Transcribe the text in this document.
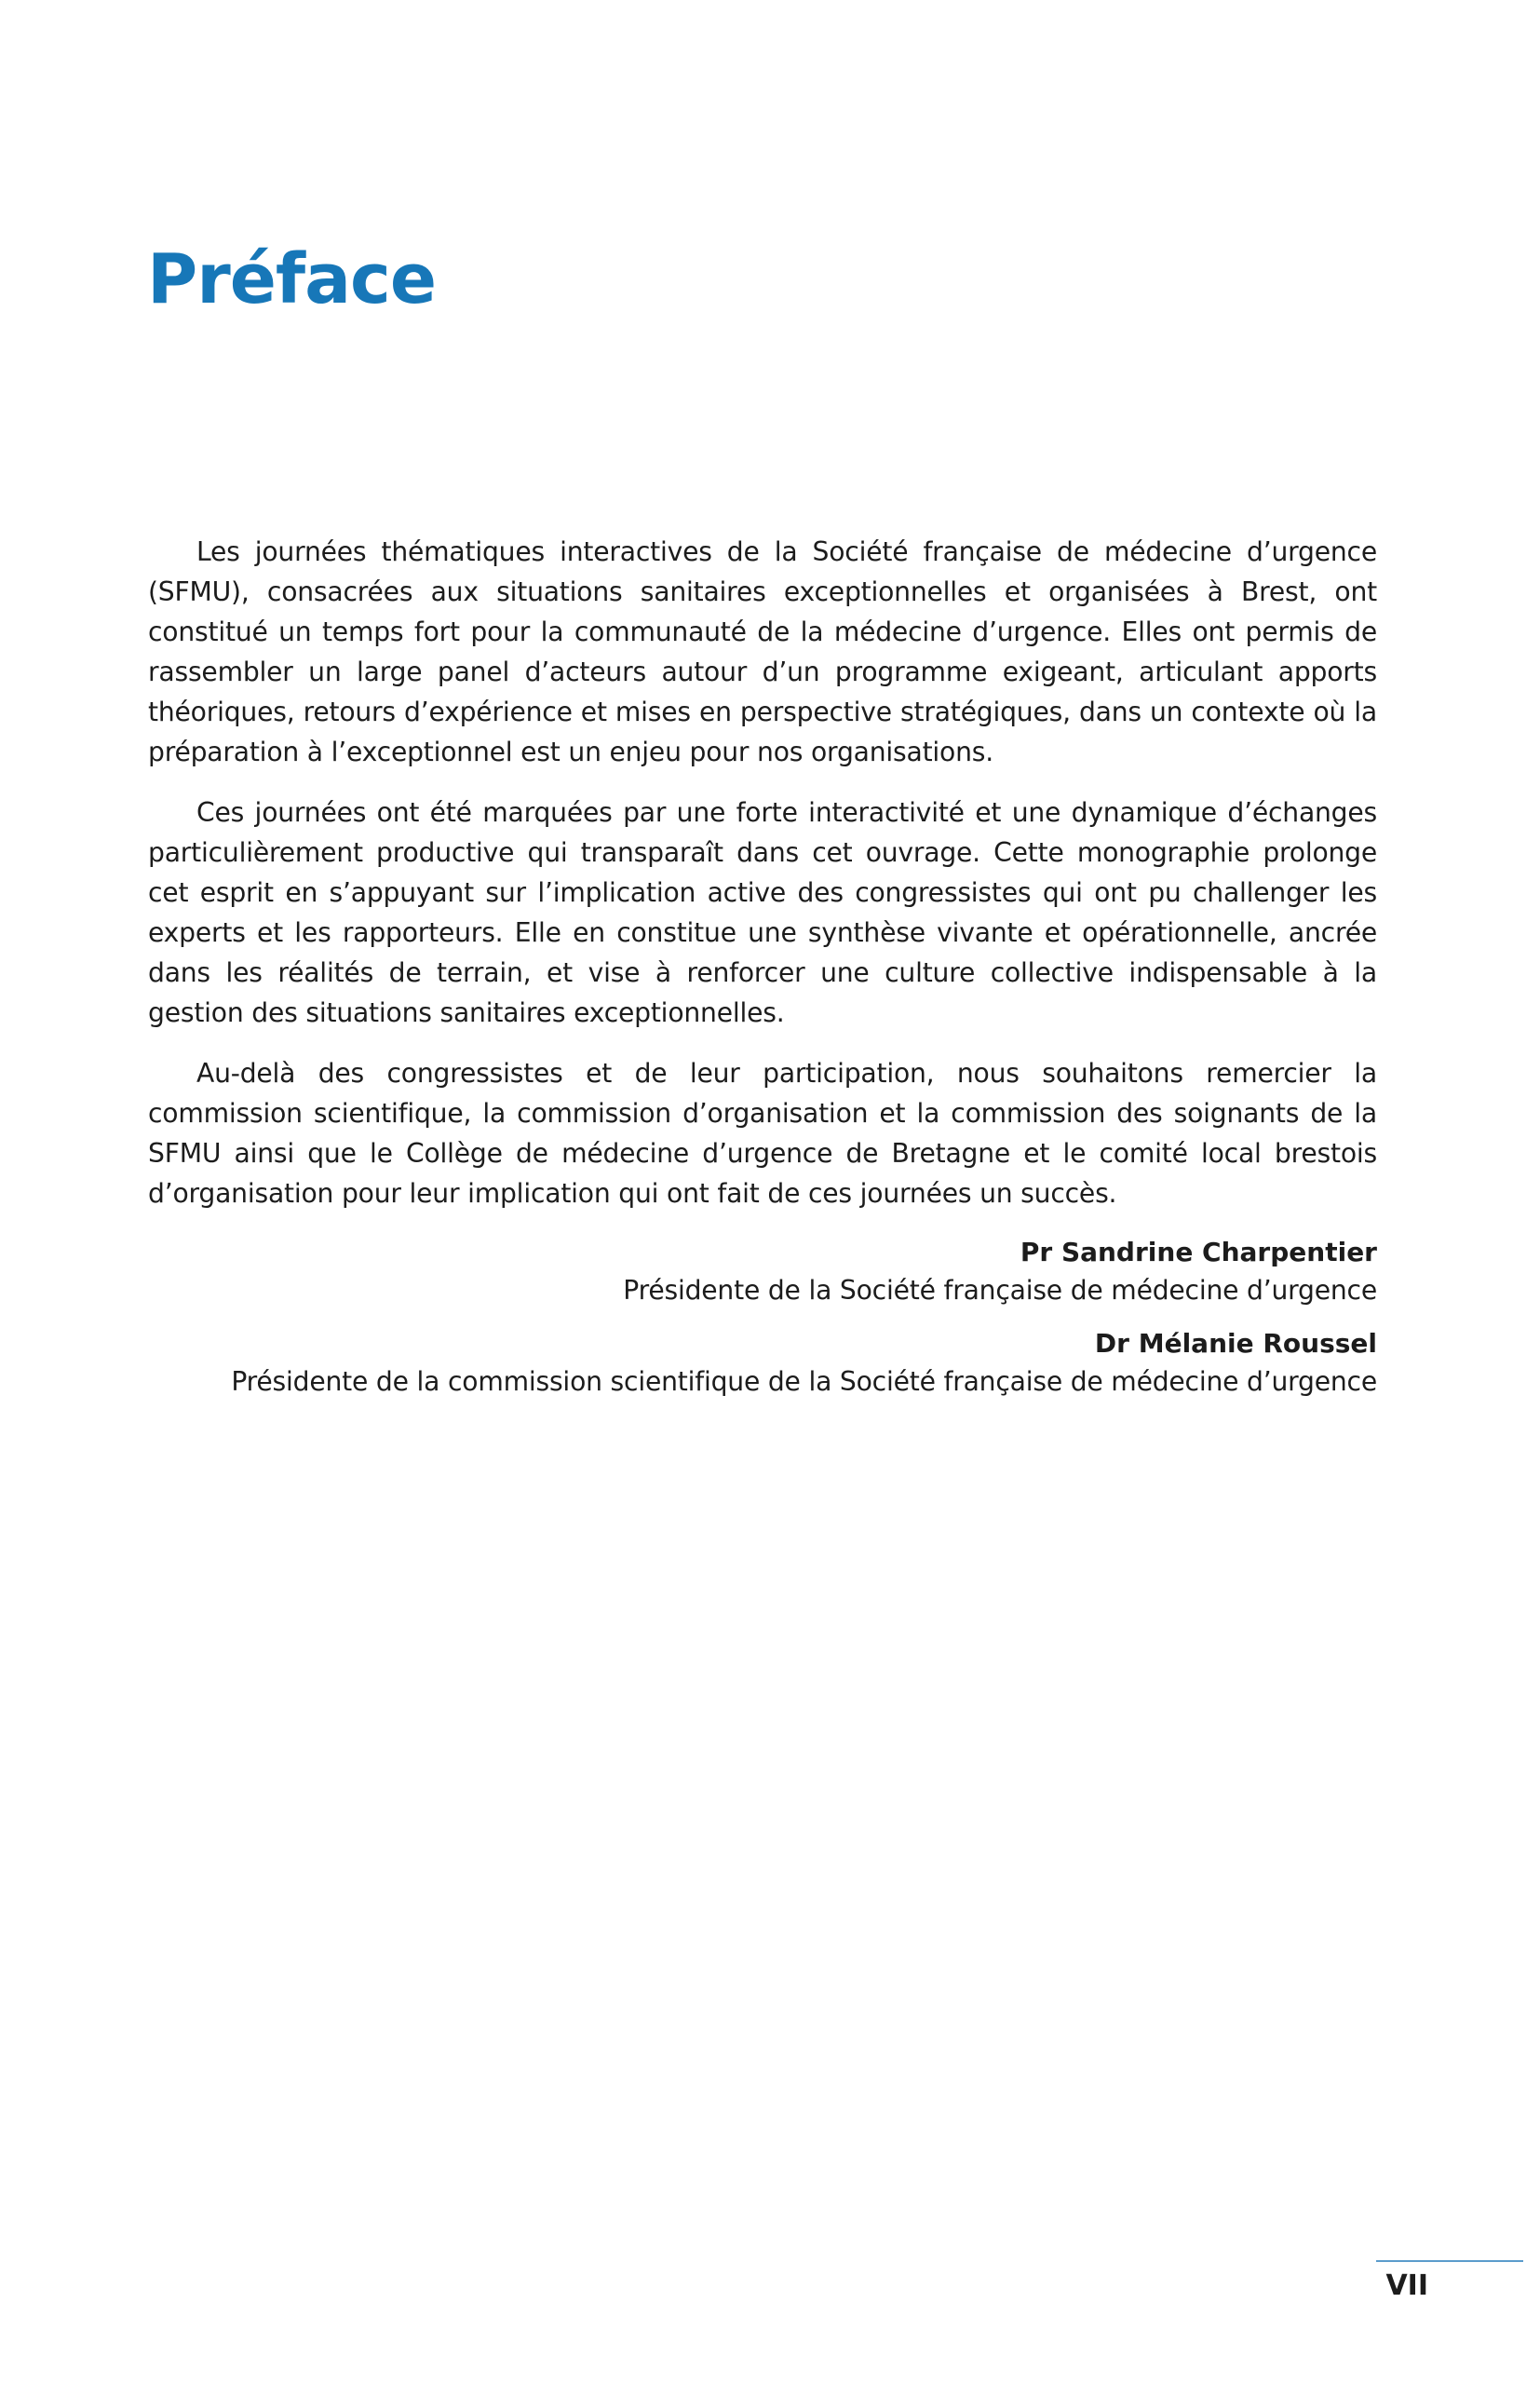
Préface

Les journées thématiques interactives de la Société française de médecine d’urgence (SFMU), consacrées aux situations sanitaires exceptionnelles et organisées à Brest, ont constitué un temps fort pour la communauté de la médecine d’urgence. Elles ont permis de rassembler un large panel d’acteurs autour d’un programme exigeant, articulant apports théoriques, retours d’expérience et mises en perspective stratégiques, dans un contexte où la préparation à l’exceptionnel est un enjeu pour nos organisations.

Ces journées ont été marquées par une forte interactivité et une dynamique d’échanges particulièrement productive qui transparaît dans cet ouvrage. Cette monographie prolonge cet esprit en s’appuyant sur l’implication active des congressistes qui ont pu challenger les experts et les rapporteurs. Elle en constitue une synthèse vivante et opérationnelle, ancrée dans les réalités de terrain, et vise à renforcer une culture collective indispensable à la gestion des situations sanitaires exceptionnelles.

Au-delà des congressistes et de leur participation, nous souhaitons remercier la commission scientifique, la commission d’organisation et la commission des soignants de la SFMU ainsi que le Collège de médecine d’urgence de Bretagne et le comité local brestois d’organisation pour leur implication qui ont fait de ces journées un succès.

Pr Sandrine Charpentier
Présidente de la Société française de médecine d’urgence
Dr Mélanie Roussel
Présidente de la commission scientifique de la Société française de médecine d’urgence
VII
